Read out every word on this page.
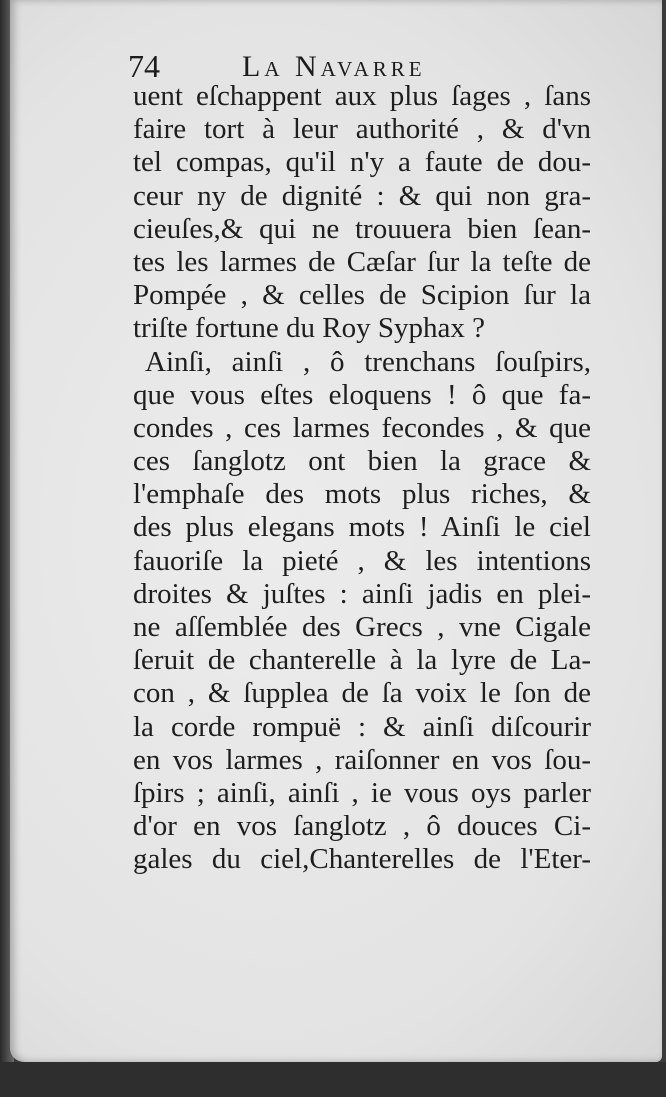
74	La Navarre
uent eſchappent aux plus ſages , ſans
faire tort à leur authorité , & d'vn
tel compas, qu'il n'y a faute de dou-
ceur ny de dignité : & qui non gra-
cieuſes,& qui ne trouuera bien ſean-
tes les larmes de Cæſar ſur la teſte de
Pompée , & celles de Scipion ſur la
triſte fortune du Roy Syphax ?
Ainſi, ainſi , ô trenchans ſouſpirs,
que vous eſtes eloquens ! ô que fa-
condes , ces larmes fecondes , & que
ces ſanglotz ont bien la grace &
l'emphaſe des mots plus riches, &
des plus elegans mots ! Ainſi le ciel
fauoriſe la pieté , & les intentions
droites & juſtes : ainſi jadis en plei-
ne aſſemblée des Grecs , vne Cigale
ſeruit de chanterelle à la lyre de La-
con , & ſupplea de ſa voix le ſon de
la corde rompuë : & ainſi diſcourir
en vos larmes , raiſonner en vos ſou-
ſpirs ; ainſi, ainſi , ie vous oys parler
d'or en vos ſanglotz , ô douces Ci-
gales du ciel,Chanterelles de l'Eter-
